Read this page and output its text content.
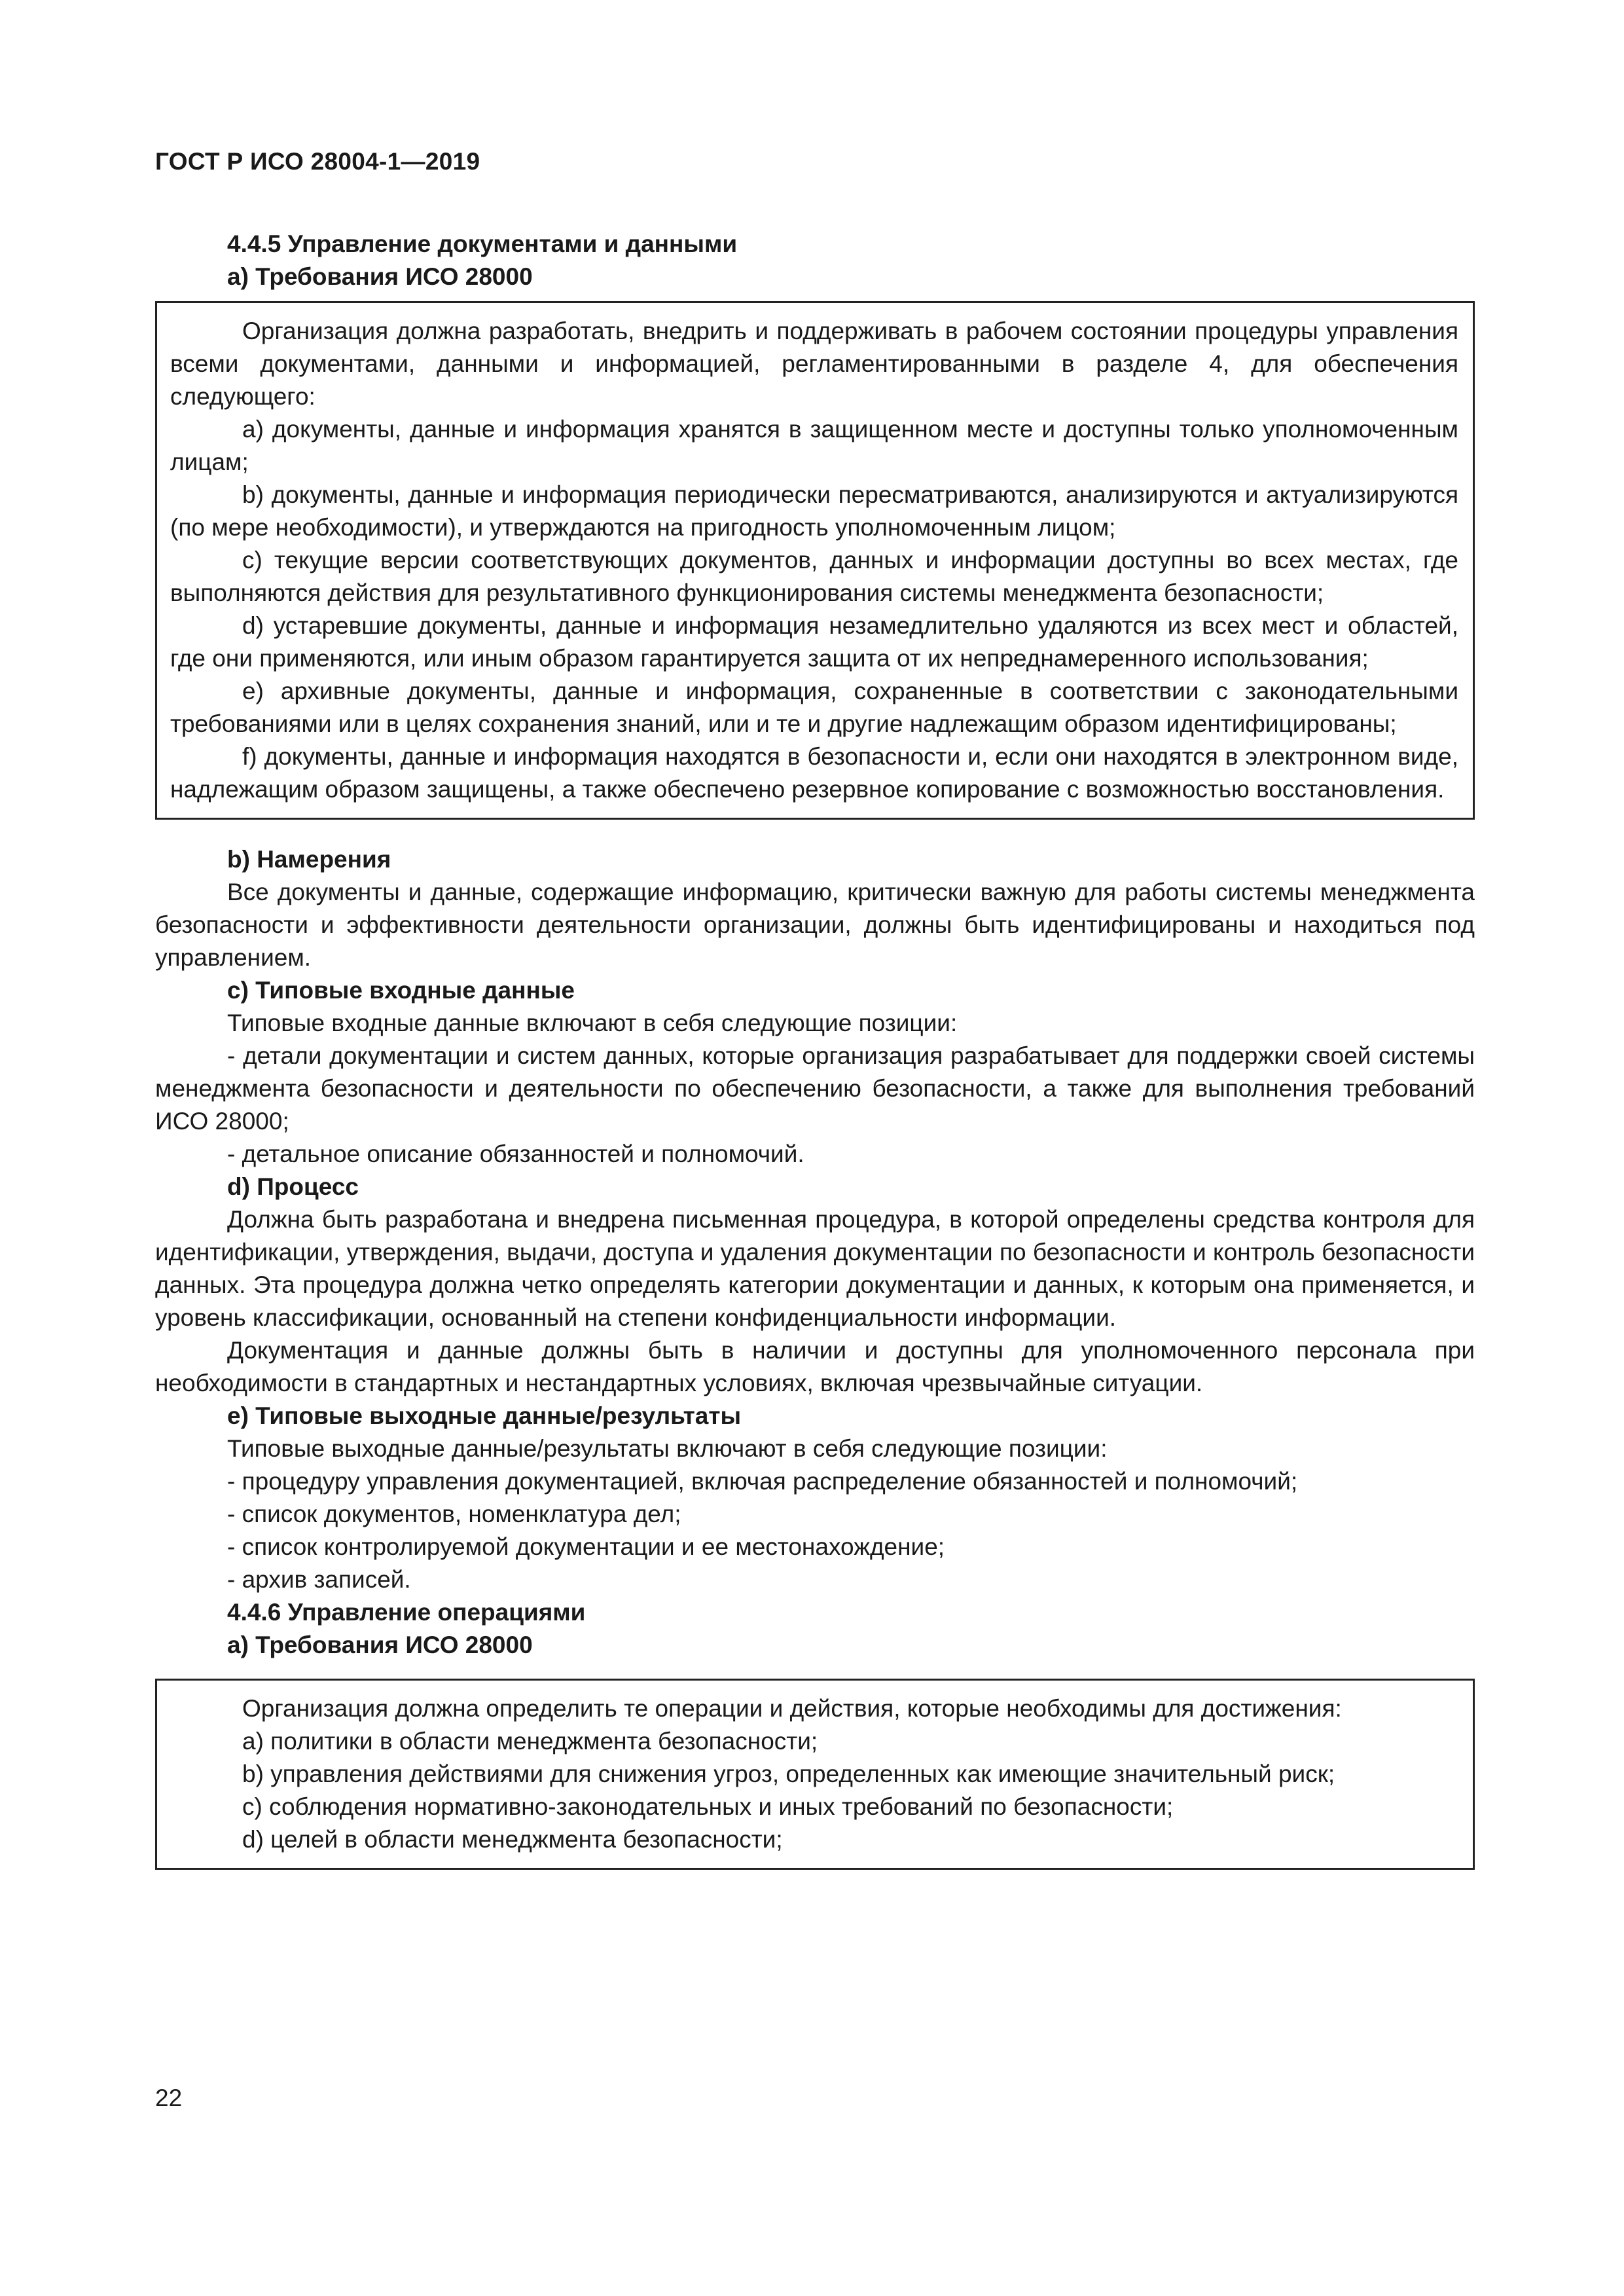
ГОСТ Р ИСО 28004-1—2019

4.4.5 Управление документами и данными

а) Требования ИСО 28000

Организация должна разработать, внедрить и поддерживать в рабочем состоянии процедуры управления всеми документами, данными и информацией, регламентированными в разделе 4, для обеспечения следующего:

а) документы, данные и информация хранятся в защищенном месте и доступны только уполномоченным лицам;

b) документы, данные и информация периодически пересматриваются, анализируются и актуализируются (по мере необходимости), и утверждаются на пригодность уполномоченным лицом;

с) текущие версии соответствующих документов, данных и информации доступны во всех местах, где выполняются действия для результативного функционирования системы менеджмента безопасности;

d) устаревшие документы, данные и информация незамедлительно удаляются из всех мест и областей, где они применяются, или иным образом гарантируется защита от их непреднамеренного использования;

е) архивные документы, данные и информация, сохраненные в соответствии с законодательными требованиями или в целях сохранения знаний, или и те и другие надлежащим образом идентифицированы;

f) документы, данные и информация находятся в безопасности и, если они находятся в электронном виде, надлежащим образом защищены, а также обеспечено резервное копирование с возможностью восстановления.

b) Намерения

Все документы и данные, содержащие информацию, критически важную для работы системы менеджмента безопасности и эффективности деятельности организации, должны быть идентифицированы и находиться под управлением.

с) Типовые входные данные

Типовые входные данные включают в себя следующие позиции:

- детали документации и систем данных, которые организация разрабатывает для поддержки своей системы менеджмента безопасности и деятельности по обеспечению безопасности, а также для выполнения требований ИСО 28000;

- детальное описание обязанностей и полномочий.

d) Процесс

Должна быть разработана и внедрена письменная процедура, в которой определены средства контроля для идентификации, утверждения, выдачи, доступа и удаления документации по безопасности и контроль безопасности данных. Эта процедура должна четко определять категории документации и данных, к которым она применяется, и уровень классификации, основанный на степени конфиденциальности информации.

Документация и данные должны быть в наличии и доступны для уполномоченного персонала при необходимости в стандартных и нестандартных условиях, включая чрезвычайные ситуации.

е) Типовые выходные данные/результаты

Типовые выходные данные/результаты включают в себя следующие позиции:

- процедуру управления документацией, включая распределение обязанностей и полномочий;

- список документов, номенклатура дел;

- список контролируемой документации и ее местонахождение;

- архив записей.

4.4.6 Управление операциями

а) Требования ИСО 28000

Организация должна определить те операции и действия, которые необходимы для достижения:

а) политики в области менеджмента безопасности;

b) управления действиями для снижения угроз, определенных как имеющие значительный риск;

с) соблюдения нормативно-законодательных и иных требований по безопасности;

d) целей в области менеджмента безопасности;

22
